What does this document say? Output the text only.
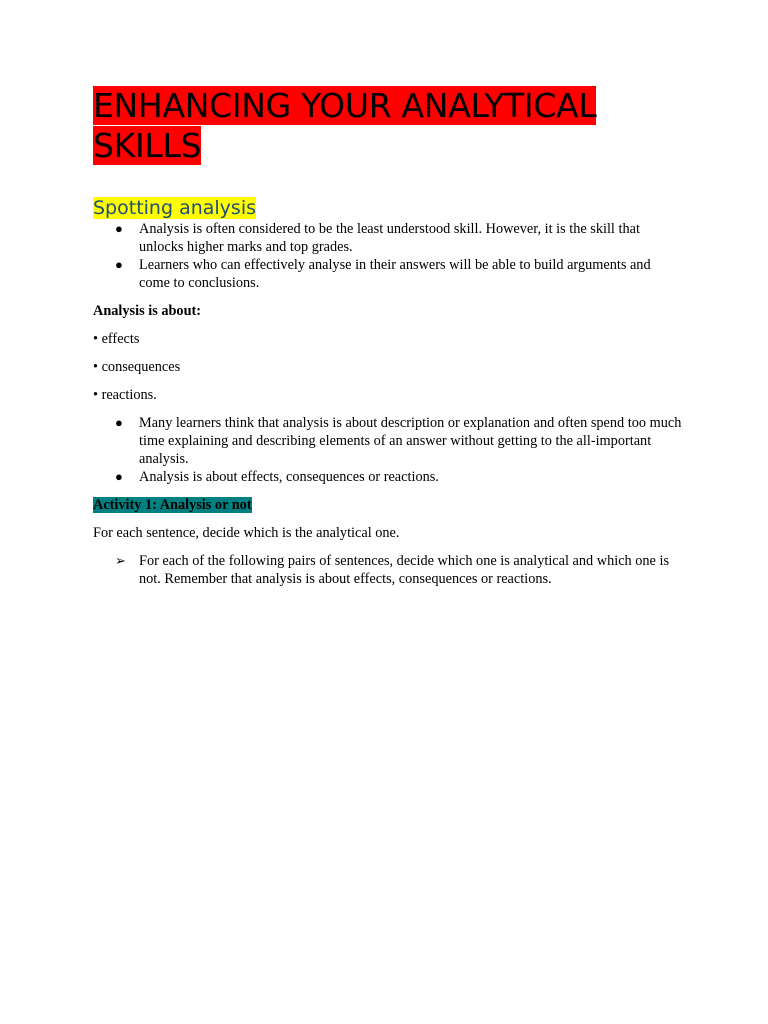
ENHANCING YOUR ANALYTICAL SKILLS
Spotting analysis
● Analysis is often considered to be the least understood skill. However, it is the skill that unlocks higher marks and top grades.
● Learners who can effectively analyse in their answers will be able to build arguments and come to conclusions.

Analysis is about:

• effects

• consequences

• reactions.

● Many learners think that analysis is about description or explanation and often spend too much time explaining and describing elements of an answer without getting to the all-important analysis.
● Analysis is about effects, consequences or reactions.

Activity 1: Analysis or not

For each sentence, decide which is the analytical one.

➢ For each of the following pairs of sentences, decide which one is analytical and which one is not. Remember that analysis is about effects, consequences or reactions.
